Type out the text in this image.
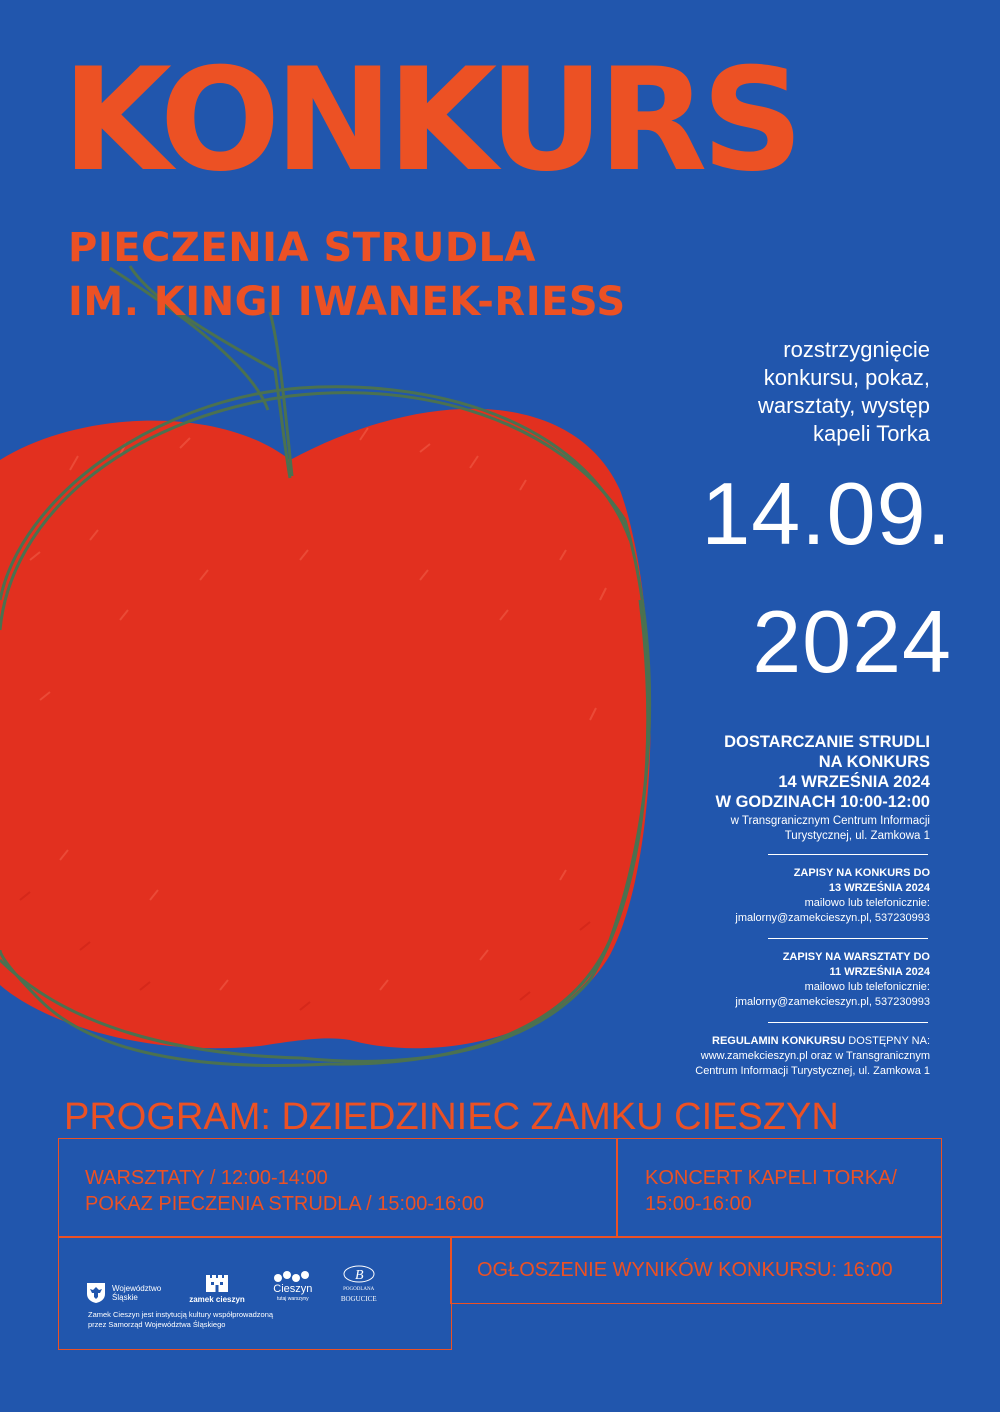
KONKURS
PIECZENIA STRUDLA
IM. KINGI IWANEK-RIESS
rozstrzygnięcie
konkursu, pokaz,
warsztaty, występ
kapeli Torka
14.09.
2024
DOSTARCZANIE STRUDLI
NA KONKURS
14 WRZEŚNIA 2024
W GODZINACH 10:00-12:00
w Transgranicznym Centrum Informacji
Turystycznej, ul. Zamkowa 1
ZAPISY NA KONKURS DO
13 WRZEŚNIA 2024
mailowo lub telefonicznie:
jmalorny@zamekcieszyn.pl, 537230993
ZAPISY NA WARSZTATY DO
11 WRZEŚNIA 2024
mailowo lub telefonicznie:
jmalorny@zamekcieszyn.pl, 537230993
REGULAMIN KONKURSU DOSTĘPNY NA:
www.zamekcieszyn.pl oraz w Transgranicznym
Centrum Informacji Turystycznej, ul. Zamkowa 1
PROGRAM: DZIEDZINIEC ZAMKU CIESZYN
WARSZTATY / 12:00-14:00
POKAZ PIECZENIA STRUDLA / 15:00-16:00
KONCERT KAPELI TORKA/
15:00-16:00
OGŁOSZENIE WYNIKÓW KONKURSU: 16:00
Województwo
Śląskie	zamek cieszyn
Cieszyn
tutaj warszyny
B
POGODLANA
BOGUCICE
Zamek Cieszyn jest instytucją kultury współprowadzoną
przez Samorząd Województwa Śląskiego
